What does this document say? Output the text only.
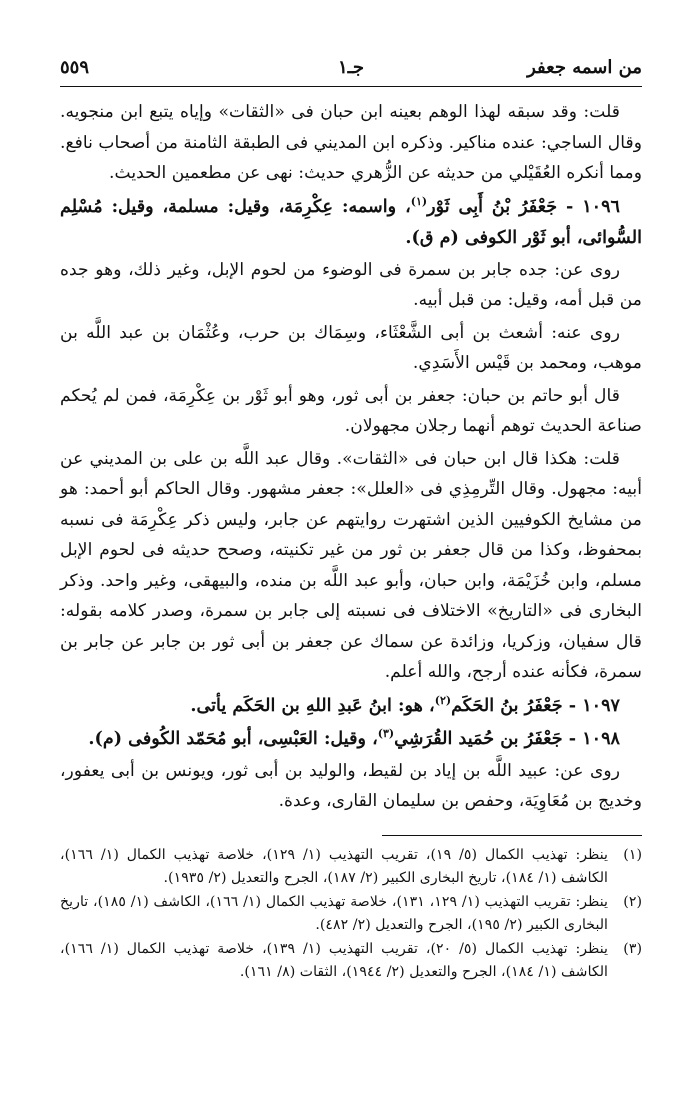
من اسمه جعفر
جـ١
٥٥٩

قلت: وقد سبقه لهذا الوهم بعينه ابن حبان فى «الثقات» وإياه يتبع ابن منجويه. وقال الساجي: عنده مناكير. وذكره ابن المديني فى الطبقة الثامنة من أصحاب نافع. ومما أنكره العُقَيْلي من حديثه عن الزُّهري حديث: نهى عن مطعمين الحديث.

١٠٩٦ - جَعْفَرُ بْنُ أَبِى ثَوْر$^{(١)}$، واسمه: عِكْرِمَة، وقيل: مسلمة، وقيل: مُسْلِم السُّوائى، أبو ثَوْر الكوفى (م ق).

روى عن: جده جابر بن سمرة فى الوضوء من لحوم الإبل، وغير ذلك، وهو جده من قبل أمه، وقيل: من قبل أبيه.

روى عنه: أشعث بن أبى الشَّعْثَاء، وسِمَاك بن حرب، وعُثْمَان بن عبد اللَّه بن موهب، ومحمد بن قَيْس الأَسَدِي.

قال أبو حاتم بن حبان: جعفر بن أبى ثور، وهو أبو ثَوْر بن عِكْرِمَة، فمن لم يُحكم صناعة الحديث توهم أنهما رجلان مجهولان.

قلت: هكذا قال ابن حبان فى «الثقات». وقال عبد اللَّه بن على بن المديني عن أبيه: مجهول. وقال التِّرمِذِي فى «العلل»: جعفر مشهور. وقال الحاكم أبو أحمد: هو من مشايخ الكوفيين الذين اشتهرت روايتهم عن جابر، وليس ذكر عِكْرِمَة فى نسبه بمحفوظ، وكذا من قال جعفر بن ثور من غير تكنيته، وصحح حديثه فى لحوم الإبل مسلم، وابن خُزَيْمَة، وابن حبان، وأبو عبد اللَّه بن منده، والبيهقى، وغير واحد. وذكر البخارى فى «التاريخ» الاختلاف فى نسبته إلى جابر بن سمرة، وصدر كلامه بقوله: قال سفيان، وزكريا، وزائدة عن سماك عن جعفر بن أبى ثور بن جابر عن جابر بن سمرة، فكأنه عنده أرجح، والله أعلم.

١٠٩٧ - جَعْفَرُ بنُ الحَكَم$^{(٢)}$، هو: ابنُ عَبدِ اللهِ بن الحَكَم يأتى.

١٠٩٨ - جَعْفَرُ بن حُمَيد القُرَشِي$^{(٣)}$، وقيل: العَبْسِى، أبو مُحَمّد الكُوفى (م).

روى عن: عبيد اللَّه بن إياد بن لقيط، والوليد بن أبى ثور، ويونس بن أبى يعفور، وخديج بن مُعَاوِيَة، وحفص بن سليمان القارى، وعدة.

(١)
ينظر: تهذيب الكمال (٥/ ١٩)، تقريب التهذيب (١/ ١٢٩)، خلاصة تهذيب الكمال (١/ ١٦٦)، الكاشف (١/ ١٨٤)، تاريخ البخارى الكبير (٢/ ١٨٧)، الجرح والتعديل (٢/ ١٩٣٥).
(٢)
ينظر: تقريب التهذيب (١/ ١٢٩، ١٣١)، خلاصة تهذيب الكمال (١/ ١٦٦)، الكاشف (١/ ١٨٥)، تاريخ البخارى الكبير (٢/ ١٩٥)، الجرح والتعديل (٢/ ٤٨٢).
(٣)
ينظر: تهذيب الكمال (٥/ ٢٠)، تقريب التهذيب (١/ ١٣٩)، خلاصة تهذيب الكمال (١/ ١٦٦)، الكاشف (١/ ١٨٤)، الجرح والتعديل (٢/ ١٩٤٤)، الثقات (٨/ ١٦١).
